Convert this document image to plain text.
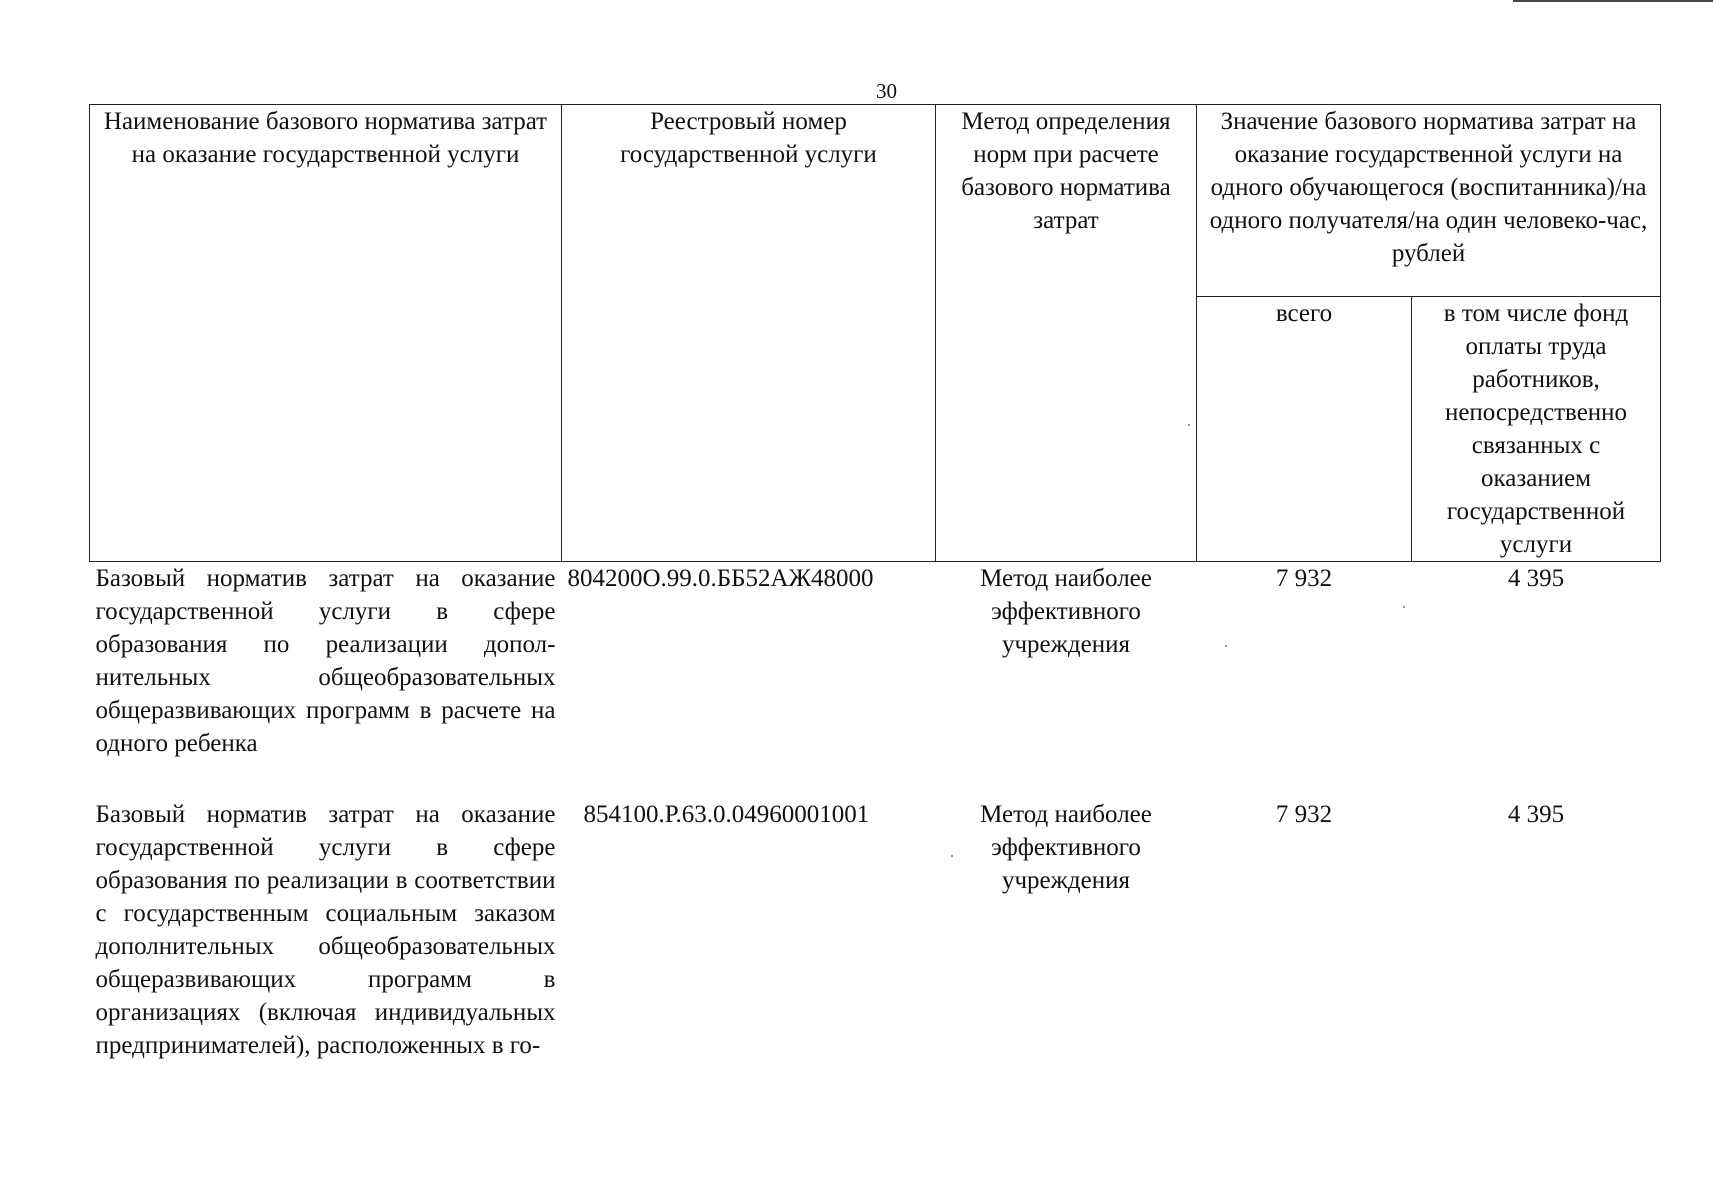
30
Наименование базового норматива затрат на оказание государственной услуги	Реестровый номер государственной услуги	Метод определения норм при расчете базового норматива затрат	Значение базового норматива затрат на оказание государственной услуги на одного обучающегося (воспитанника)/на одного получателя/на один человеко-час, рублей	
			всего	в том числе фонд оплаты труда работников, непосредственно связанных с оказанием государственной услуги
Базовый норматив затрат на оказание государственной услуги в сфере образования по реализации дополнительных общеобразовательных общеразвивающих программ в расчете на одного ребенка	804200О.99.0.ББ52АЖ48000	Метод наиболее эффективного учреждения	7 932	4 395
Базовый норматив затрат на оказание государственной услуги в сфере образования по реализации в соответствии с государственным социальным заказом дополнительных общеобразовательных общеразвивающих программ в организациях (включая индивидуальных предпринимателей), расположенных в го-	854100.Р.63.0.04960001001	Метод наиболее эффективного учреждения	7 932	4 395
